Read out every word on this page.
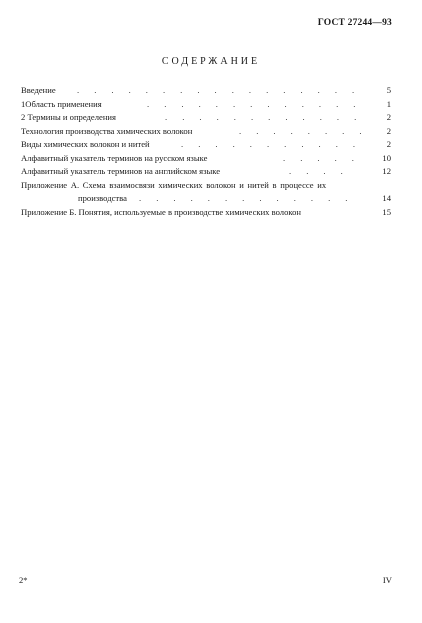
ГОСТ 27244—93
СОДЕРЖАНИЕ
Введение .       .       .       .       .       .       .       .       .       .       .       .       .       .       .       .       .	5
1Область применения	.       .       .       .       .       .       .       .       .       .       .       .       .	1
2 Термины и определения	.       .       .       .       .       .       .       .       .       .       .       .	2
Технология производства химических волокон	.       .       .       .       .       .       .       .	2
Виды химических волокон и нитей	.       .       .       .       .       .       .       .       .       .       .	2
Алфавитный указатель терминов на русском языке	.       .       .       .       .	10
Алфавитный указатель терминов на английском языке	.       .       .       .	12
Приложение А. Схема взаимосвязи химических волокон и нитей в процессе их
производства .       .       .       .       .       .       .       .       .       .       .       .       .	14
Приложение Б. Понятия, используемые в производстве химических волокон	15
2*	IV
